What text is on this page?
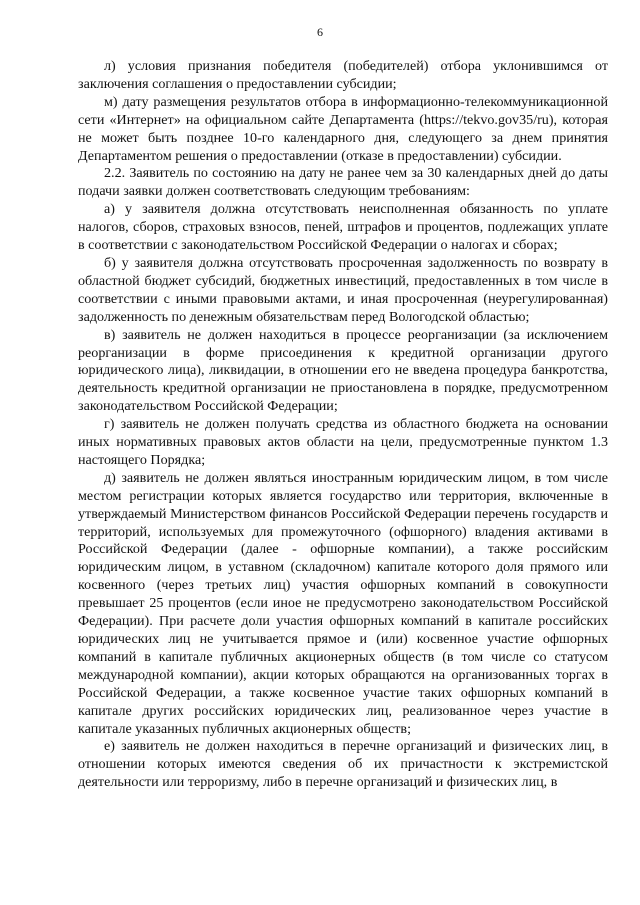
6

л) условия признания победителя (победителей) отбора уклонившимся от заключения соглашения о предоставлении субсидии;

м) дату размещения результатов отбора в информационно-телекоммуникационной сети «Интернет» на официальном сайте Департамента (https://tekvo.gov35/ru), которая не может быть позднее 10-го календарного дня, следующего за днем принятия Департаментом решения о предоставлении (отказе в предоставлении) субсидии.

2.2. Заявитель по состоянию на дату не ранее чем за 30 календарных дней до даты подачи заявки должен соответствовать следующим требованиям:

а) у заявителя должна отсутствовать неисполненная обязанность по уплате налогов, сборов, страховых взносов, пеней, штрафов и процентов, подлежащих уплате в соответствии с законодательством Российской Федерации о налогах и сборах;

б) у заявителя должна отсутствовать просроченная задолженность по возврату в областной бюджет субсидий, бюджетных инвестиций, предоставленных в том числе в соответствии с иными правовыми актами, и иная просроченная (неурегулированная) задолженность по денежным обязательствам перед Вологодской областью;

в) заявитель не должен находиться в процессе реорганизации (за исключением реорганизации в форме присоединения к кредитной организации другого юридического лица), ликвидации, в отношении его не введена процедура банкротства, деятельность кредитной организации не приостановлена в порядке, предусмотренном законодательством Российской Федерации;

г) заявитель не должен получать средства из областного бюджета на основании иных нормативных правовых актов области на цели, предусмотренные пунктом 1.3 настоящего Порядка;

д) заявитель не должен являться иностранным юридическим лицом, в том числе местом регистрации которых является государство или территория, включенные в утверждаемый Министерством финансов Российской Федерации перечень государств и территорий, используемых для промежуточного (офшорного) владения активами в Российской Федерации (далее - офшорные компании), а также российским юридическим лицом, в уставном (складочном) капитале которого доля прямого или косвенного (через третьих лиц) участия офшорных компаний в совокупности превышает 25 процентов (если иное не предусмотрено законодательством Российской Федерации). При расчете доли участия офшорных компаний в капитале российских юридических лиц не учитывается прямое и (или) косвенное участие офшорных компаний в капитале публичных акционерных обществ (в том числе со статусом международной компании), акции которых обращаются на организованных торгах в Российской Федерации, а также косвенное участие таких офшорных компаний в капитале других российских юридических лиц, реализованное через участие в капитале указанных публичных акционерных обществ;

е) заявитель не должен находиться в перечне организаций и физических лиц, в отношении которых имеются сведения об их причастности к экстремистской деятельности или терроризму, либо в перечне организаций и физических лиц, в
